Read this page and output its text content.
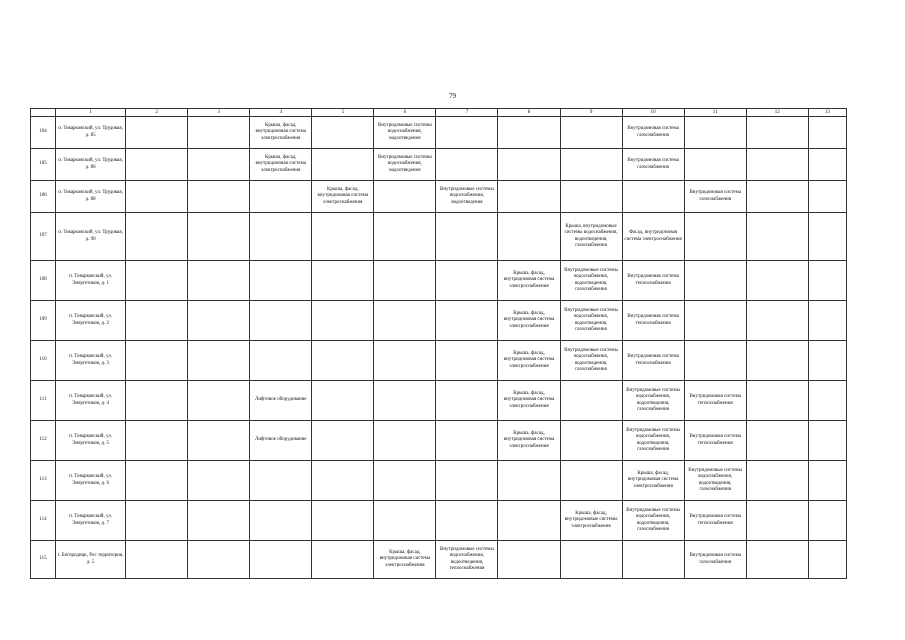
79
	1	2	3	4	5	6	7	8	9	10	11	12	13
104	п. Товарковский, ул. Трудовая, д. 85			Крыша, фасад, внутридомовая система электроснабжения		Внутридомовые системы водоснабжения, водоотведения				Внутридомовая система газоснабжения			
105	п. Товарковский, ул. Трудовая, д. 86			Крыша, фасад, внутридомовая система электроснабжения		Внутридомовые системы водоснабжения, водоотведения				Внутридомовая система газоснабжения			
106	п. Товарковский, ул. Трудовая, д. 88				Крыша, фасад, внутридомовая система электроснабжения		Внутридомовые системы водоснабжения, водоотведения				Внутридомовая система газоснабжения		
107	п. Товарковский, ул. Трудовая, д. 90								Крыша, внутридомовые системы водоснабжения, водоотведения, газоснабжения	Фасад, внутридомовая система электроснабжения			
108	п. Товарковский, ул. Энергетиков, д. 1							Крыша, фасад, внутридомовая система электроснабжения	Внутридомовые системы водоснабжения, водоотведения, газоснабжения	Внутридомовая система теплоснабжения			
109	п. Товарковский, ул. Энергетиков, д. 2							Крыша, фасад, внутридомовая система электроснабжения	Внутридомовые системы водоснабжения, водоотведения, газоснабжения	Внутридомовая система теплоснабжения			
110	п. Товарковский, ул. Энергетиков, д. 3							Крыша, фасад, внутридомовая система электроснабжения	Внутридомовые системы водоснабжения, водоотведения, газоснабжения	Внутридомовая система теплоснабжения			
111	п. Товарковский, ул. Энергетиков, д. 4			Лифтовое оборудование				Крыша, фасад, внутридомовая система электроснабжения		Внутридомовые системы водоснабжения, водоотведения, газоснабжения	Внутридомовая система теплоснабжения		
112	п. Товарковский, ул. Энергетиков, д. 5			Лифтовое оборудование				Крыша, фасад, внутридомовая система электроснабжения		Внутридомовые системы водоснабжения, водоотведения, газоснабжения	Внутридомовая система теплоснабжения		
113	п. Товарковский, ул. Энергетиков, д. 6									Крыша, фасад, внутридомовая система электроснабжения	Внутридомовые системы водоснабжения, водоотведения, газоснабжения		
114	п. Товарковский, ул. Энергетиков, д. 7								Крыша, фасад, внутридомовые системы электроснабжения	Внутридомовые системы водоснабжения, водоотведения, газоснабжения	Внутридомовая система теплоснабжения		
115	г. Богородицк, Рос территория, д. 5					Крыша, фасад, внутридомовая система электроснабжения	Внутридомовые системы водоснабжения, водоотведения, теплоснабжения				Внутридомовая система газоснабжения		
